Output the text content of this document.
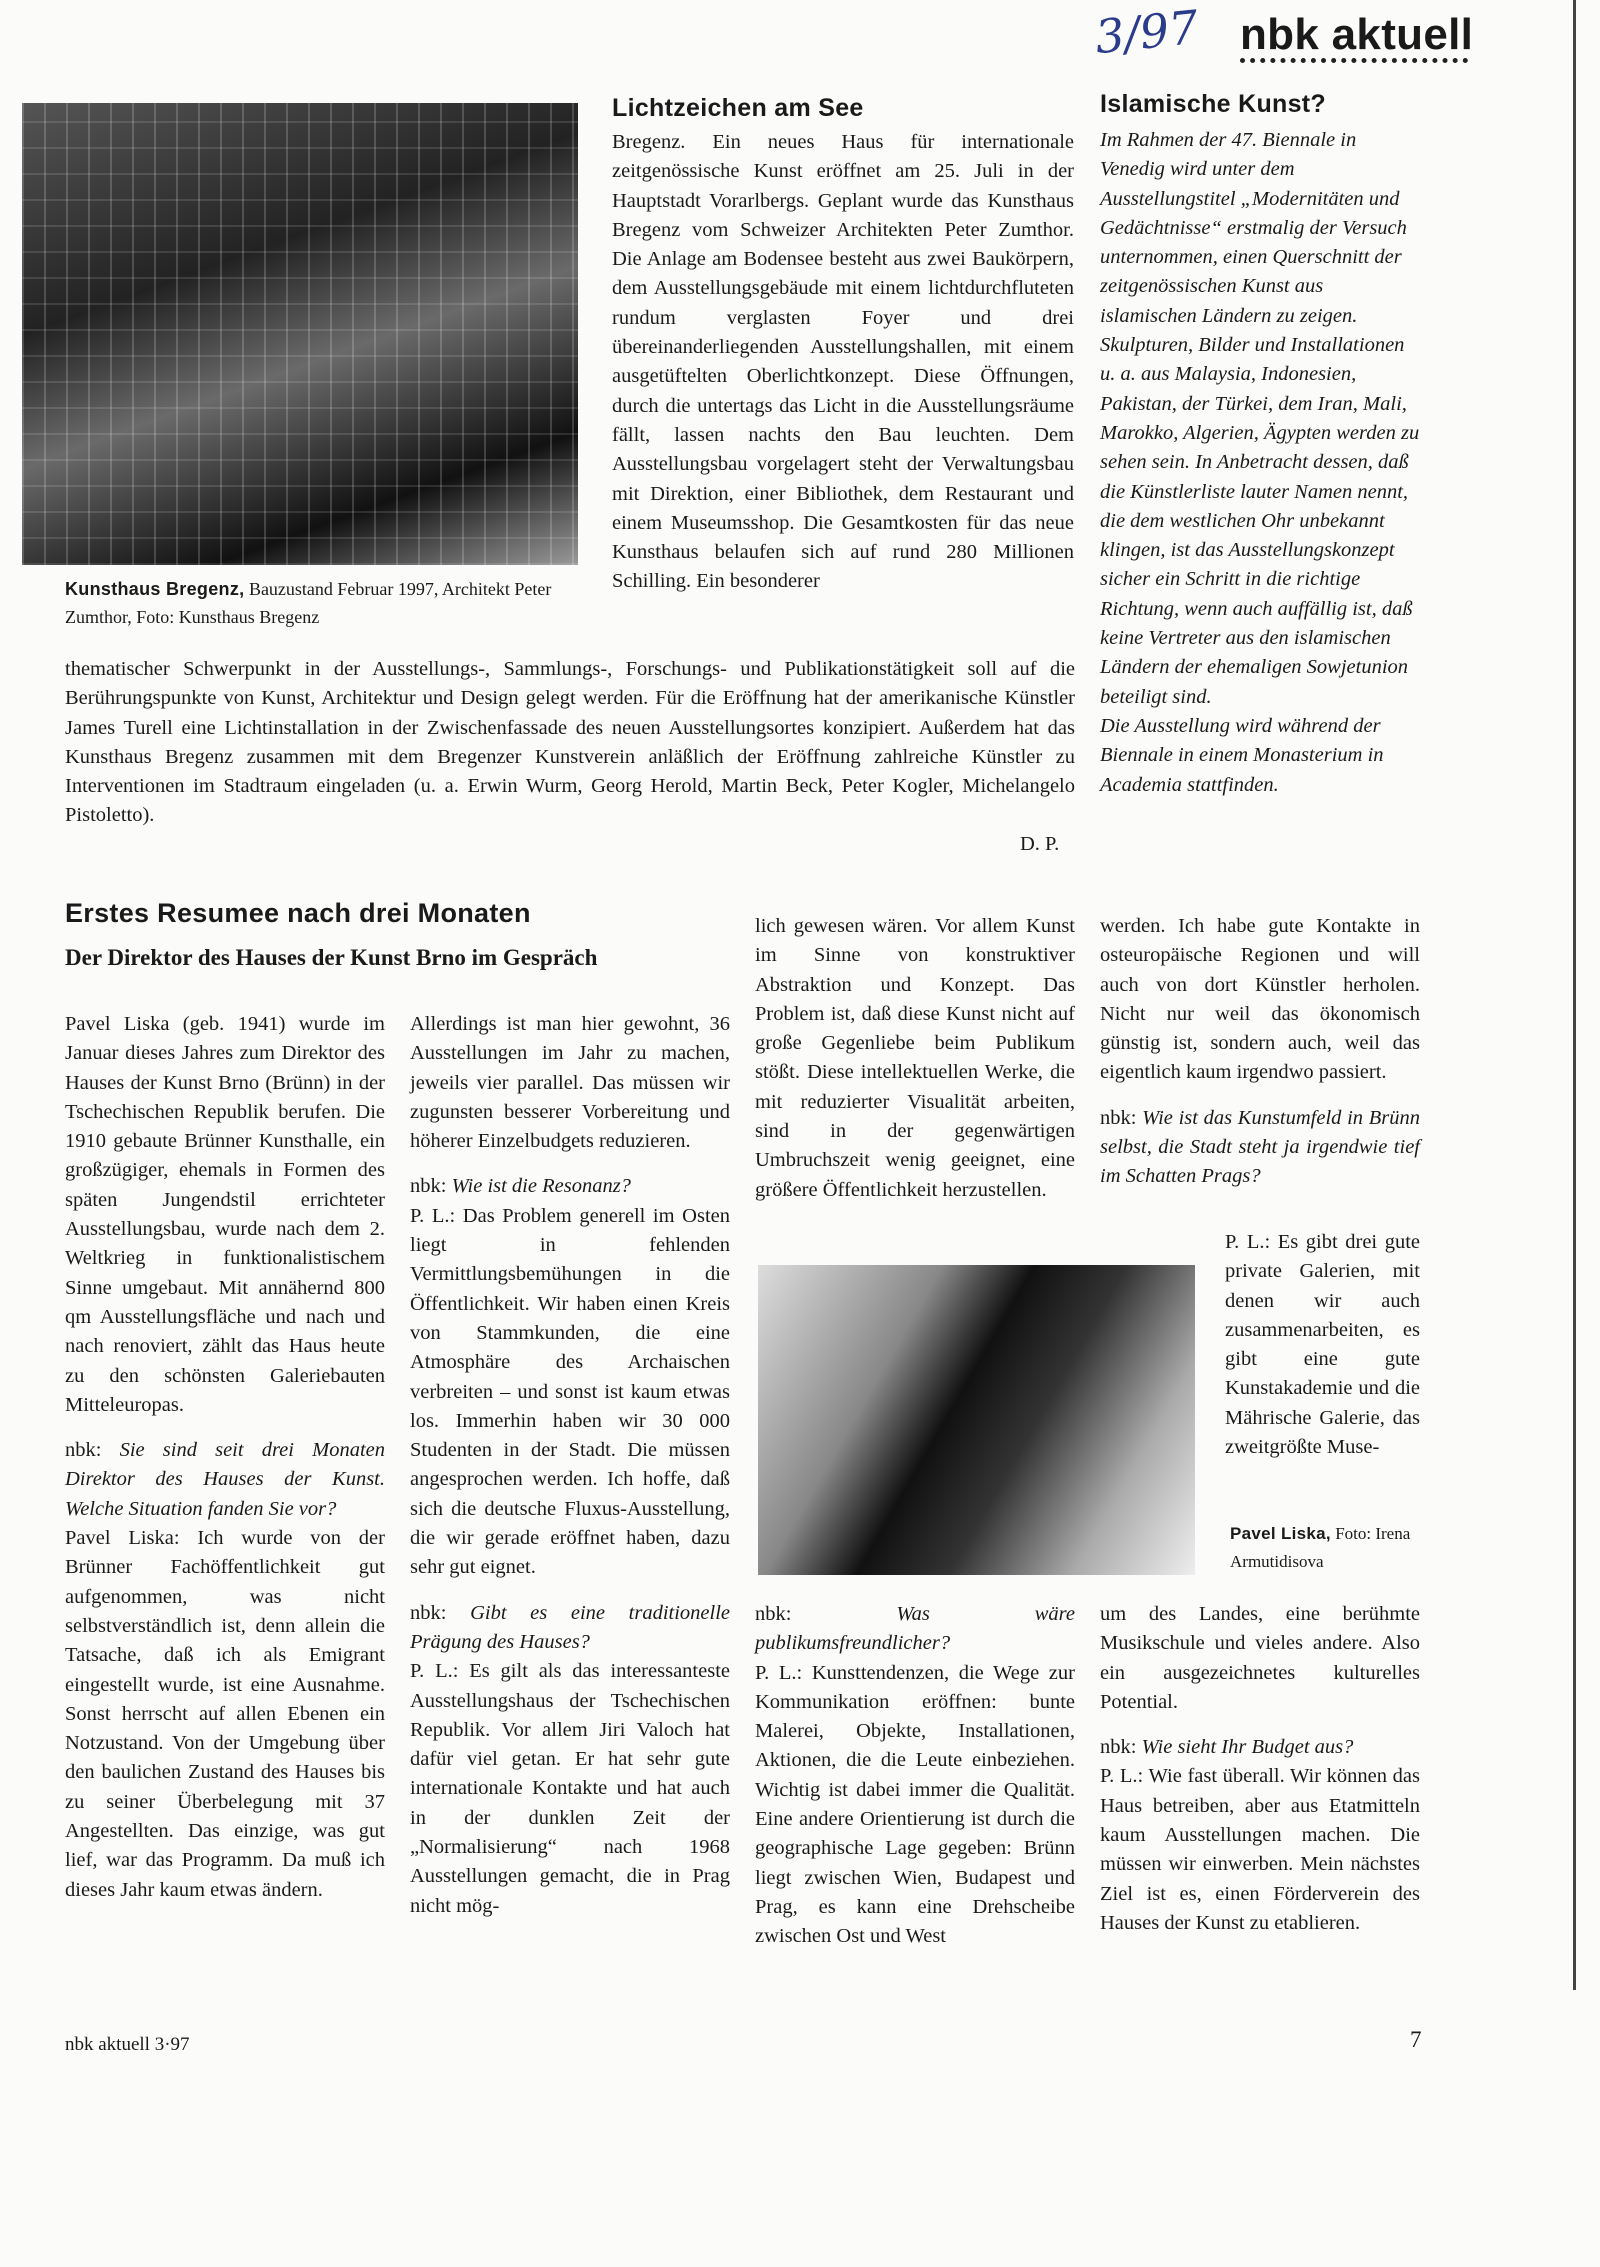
3/97 nbk aktuell
Kunsthaus Bregenz, Bauzustand Februar 1997, Architekt Peter Zumthor, Foto: Kunsthaus Bregenz
Lichtzeichen am See
Bregenz. Ein neues Haus für internationale zeitgenössische Kunst eröffnet am 25. Juli in der Hauptstadt Vorarlbergs. Geplant wurde das Kunsthaus Bregenz vom Schweizer Architekten Peter Zumthor. Die Anlage am Bodensee besteht aus zwei Baukörpern, dem Ausstellungsgebäude mit einem lichtdurchfluteten rundum verglasten Foyer und drei übereinanderliegenden Ausstellungshallen, mit einem ausgetüftelten Oberlichtkonzept. Diese Öffnungen, durch die untertags das Licht in die Ausstellungsräume fällt, lassen nachts den Bau leuchten. Dem Ausstellungsbau vorgelagert steht der Verwaltungsbau mit Direktion, einer Bibliothek, dem Restaurant und einem Museumsshop. Die Gesamtkosten für das neue Kunsthaus belaufen sich auf rund 280 Millionen Schilling. Ein besonderer
thematischer Schwerpunkt in der Ausstellungs-, Sammlungs-, Forschungs- und Publikationstätigkeit soll auf die Berührungspunkte von Kunst, Architektur und Design gelegt werden. Für die Eröffnung hat der amerikanische Künstler James Turell eine Lichtinstallation in der Zwischenfassade des neuen Ausstellungsortes konzipiert. Außerdem hat das Kunsthaus Bregenz zusammen mit dem Bregenzer Kunstverein anläßlich der Eröffnung zahlreiche Künstler zu Interventionen im Stadtraum eingeladen (u. a. Erwin Wurm, Georg Herold, Martin Beck, Peter Kogler, Michelangelo Pistoletto).
D. P.
Islamische Kunst?

Im Rahmen der 47. Biennale in Venedig wird unter dem Ausstellungstitel „Modernitäten und Gedächtnisse“ erstmalig der Versuch unternommen, einen Querschnitt der zeitgenössischen Kunst aus islamischen Ländern zu zeigen. Skulpturen, Bilder und Installationen u. a. aus Malaysia, Indonesien, Pakistan, der Türkei, dem Iran, Mali, Marokko, Algerien, Ägypten werden zu sehen sein. In Anbetracht dessen, daß die Künstlerliste lauter Namen nennt, die dem westlichen Ohr unbekannt klingen, ist das Ausstellungskonzept sicher ein Schritt in die richtige Richtung, wenn auch auffällig ist, daß keine Vertreter aus den islamischen Ländern der ehemaligen Sowjetunion beteiligt sind.

Die Ausstellung wird während der Biennale in einem Monasterium in Academia stattfinden.

Erstes Resumee nach drei Monaten
Der Direktor des Hauses der Kunst Brno im Gespräch

Pavel Liska (geb. 1941) wurde im Januar dieses Jahres zum Direktor des Hauses der Kunst Brno (Brünn) in der Tschechischen Republik berufen. Die 1910 gebaute Brünner Kunsthalle, ein großzügiger, ehemals in Formen des späten Jungendstil errichteter Ausstellungsbau, wurde nach dem 2. Weltkrieg in funktionalistischem Sinne umgebaut. Mit annähernd 800 qm Ausstellungsfläche und nach und nach renoviert, zählt das Haus heute zu den schönsten Galeriebauten Mitteleuropas.

nbk: Sie sind seit drei Monaten Direktor des Hauses der Kunst. Welche Situation fanden Sie vor?

Pavel Liska: Ich wurde von der Brünner Fachöffentlichkeit gut aufgenommen, was nicht selbstverständlich ist, denn allein die Tatsache, daß ich als Emigrant eingestellt wurde, ist eine Ausnahme. Sonst herrscht auf allen Ebenen ein Notzustand. Von der Umgebung über den baulichen Zustand des Hauses bis zu seiner Überbelegung mit 37 Angestellten. Das einzige, was gut lief, war das Programm. Da muß ich dieses Jahr kaum etwas ändern.

Allerdings ist man hier gewohnt, 36 Ausstellungen im Jahr zu machen, jeweils vier parallel. Das müssen wir zugunsten besserer Vorbereitung und höherer Einzelbudgets reduzieren.

nbk: Wie ist die Resonanz?

P. L.: Das Problem generell im Osten liegt in fehlenden Vermittlungsbemühungen in die Öffentlichkeit. Wir haben einen Kreis von Stammkunden, die eine Atmosphäre des Archaischen verbreiten – und sonst ist kaum etwas los. Immerhin haben wir 30 000 Studenten in der Stadt. Die müssen angesprochen werden. Ich hoffe, daß sich die deutsche Fluxus-Ausstellung, die wir gerade eröffnet haben, dazu sehr gut eignet.

nbk: Gibt es eine traditionelle Prägung des Hauses?

P. L.: Es gilt als das interessanteste Ausstellungshaus der Tschechischen Republik. Vor allem Jiri Valoch hat dafür viel getan. Er hat sehr gute internationale Kontakte und hat auch in der dunklen Zeit der „Normalisierung“ nach 1968 Ausstellungen gemacht, die in Prag nicht mög-

lich gewesen wären. Vor allem Kunst im Sinne von konstruktiver Abstraktion und Konzept. Das Problem ist, daß diese Kunst nicht auf große Gegenliebe beim Publikum stößt. Diese intellektuellen Werke, die mit reduzierter Visualität arbeiten, sind in der gegenwärtigen Umbruchszeit wenig geeignet, eine größere Öffentlichkeit herzustellen.

nbk: Was wäre publikumsfreundlicher?

P. L.: Kunsttendenzen, die Wege zur Kommunikation eröffnen: bunte Malerei, Objekte, Installationen, Aktionen, die die Leute einbeziehen. Wichtig ist dabei immer die Qualität. Eine andere Orientierung ist durch die geographische Lage gegeben: Brünn liegt zwischen Wien, Budapest und Prag, es kann eine Drehscheibe zwischen Ost und West

werden. Ich habe gute Kontakte in osteuropäische Regionen und will auch von dort Künstler herholen. Nicht nur weil das ökonomisch günstig ist, sondern auch, weil das eigentlich kaum irgendwo passiert.

nbk: Wie ist das Kunstumfeld in Brünn selbst, die Stadt steht ja irgendwie tief im Schatten Prags?

P. L.: Es gibt drei gute private Galerien, mit denen wir auch zusammenarbeiten, es gibt eine gute Kunstakademie und die Mährische Galerie, das zweitgrößte Muse-

Pavel Liska, Foto: Irena Armutidisova

um des Landes, eine berühmte Musikschule und vieles andere. Also ein ausgezeichnetes kulturelles Potential.

nbk: Wie sieht Ihr Budget aus?

P. L.: Wie fast überall. Wir können das Haus betreiben, aber aus Etatmitteln kaum Ausstellungen machen. Die müssen wir einwerben. Mein nächstes Ziel ist es, einen Förderverein des Hauses der Kunst zu etablieren.

nbk aktuell 3·97	7
